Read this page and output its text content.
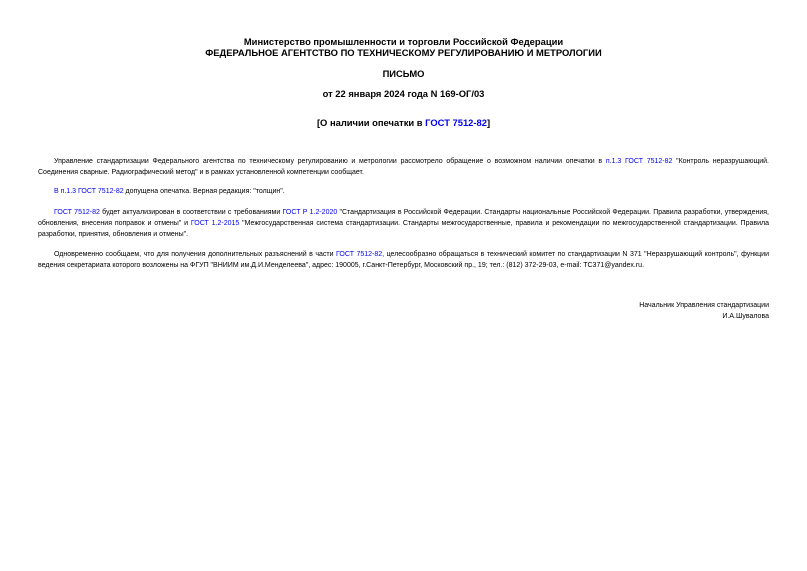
Министерство промышленности и торговли Российской Федерации
ФЕДЕРАЛЬНОЕ АГЕНТСТВО ПО ТЕХНИЧЕСКОМУ РЕГУЛИРОВАНИЮ И МЕТРОЛОГИИ
ПИСЬМО
от 22 января 2024 года N 169-ОГ/03
[О наличии опечатки в ГОСТ 7512-82]

Управление стандартизации Федерального агентства по техническому регулированию и метрологии рассмотрело обращение о возможном наличии опечатки в п.1.3 ГОСТ 7512-82 "Контроль неразрушающий. Соединения сварные. Радиографический метод" и в рамках установленной компетенции сообщает.

В п.1.3 ГОСТ 7512-82 допущена опечатка. Верная редакция: "толщин".

ГОСТ 7512-82 будет актуализирован в соответствии с требованиями ГОСТ Р 1.2-2020 "Стандартизация в Российской Федерации. Стандарты национальные Российской Федерации. Правила разработки, утверждения, обновления, внесения поправок и отмены" и ГОСТ 1.2-2015 "Межгосударственная система стандартизации. Стандарты межгосударственные, правила и рекомендации по межгосударственной стандартизации. Правила разработки, принятия, обновления и отмены".

Одновременно сообщаем, что для получения дополнительных разъяснений в части ГОСТ 7512-82, целесообразно обращаться в технический комитет по стандартизации N 371 "Неразрушающий контроль", функции ведения секретариата которого возложены на ФГУП "ВНИИМ им.Д.И.Менделеева", адрес: 190005, г.Санкт-Петербург, Московский пр., 19; тел.: (812) 372-29-03, e-mail: TC371@yandex.ru.

Начальник Управления стандартизации
И.А.Шувалова
